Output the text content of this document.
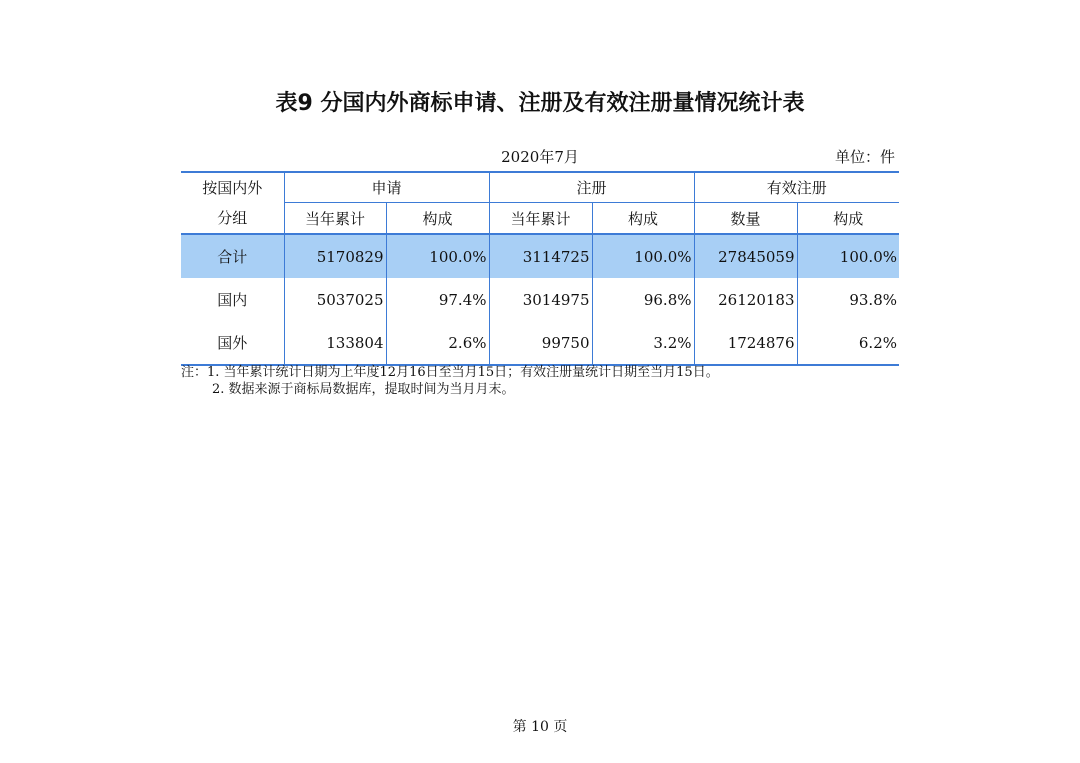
表9 分国内外商标申请、注册及有效注册量情况统计表
2020年7月	单位：件
按国内外	申请		注册		有效注册	
分组	当年累计	构成	当年累计	构成	数量	构成
合计	5170829	100.0%	3114725	100.0%	27845059	100.0%
国内	5037025	97.4%	3014975	96.8%	26120183	93.8%
国外	133804	2.6%	99750	3.2%	1724876	6.2%
注：1. 当年累计统计日期为上年度12月16日至当月15日；有效注册量统计日期至当月15日。
2. 数据来源于商标局数据库，提取时间为当月月末。
第 10 页
